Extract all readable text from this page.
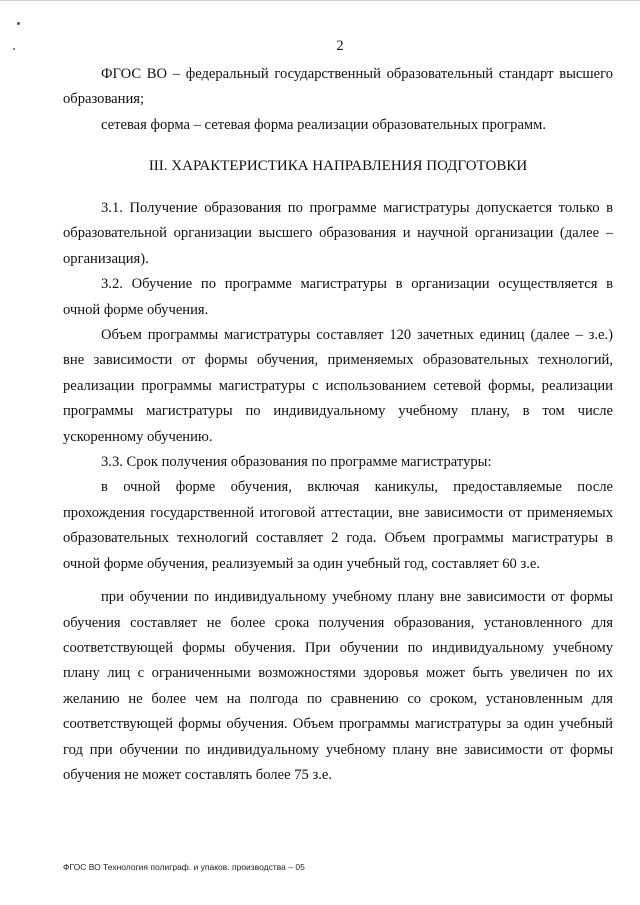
2

ФГОС ВО – федеральный государственный образовательный стандарт высшего образования;

сетевая форма – сетевая форма реализации образовательных программ.

III. ХАРАКТЕРИСТИКА НАПРАВЛЕНИЯ ПОДГОТОВКИ

3.1. Получение образования по программе магистратуры допускается только в образовательной организации высшего образования и научной организации (далее – организация).

3.2. Обучение по программе магистратуры в организации осуществляется в очной форме обучения.

Объем программы магистратуры составляет 120 зачетных единиц (далее – з.е.) вне зависимости от формы обучения, применяемых образовательных технологий, реализации программы магистратуры с использованием сетевой формы, реализации программы магистратуры по индивидуальному учебному плану, в том числе ускоренному обучению.

3.3. Срок получения образования по программе магистратуры:

в очной форме обучения, включая каникулы, предоставляемые после прохождения государственной итоговой аттестации, вне зависимости от применяемых образовательных технологий составляет 2 года. Объем программы магистратуры в очной форме обучения, реализуемый за один учебный год, составляет 60 з.е.

при обучении по индивидуальному учебному плану вне зависимости от формы обучения составляет не более срока получения образования, установленного для соответствующей формы обучения. При обучении по индивидуальному учебному плану лиц с ограниченными возможностями здоровья может быть увеличен по их желанию не более чем на полгода по сравнению со сроком, установленным для соответствующей формы обучения. Объем программы магистратуры за один учебный год при обучении по индивидуальному учебному плану вне зависимости от формы обучения не может составлять более 75 з.е.

ФГОС ВО Технология полиграф. и упаков. производства – 05
